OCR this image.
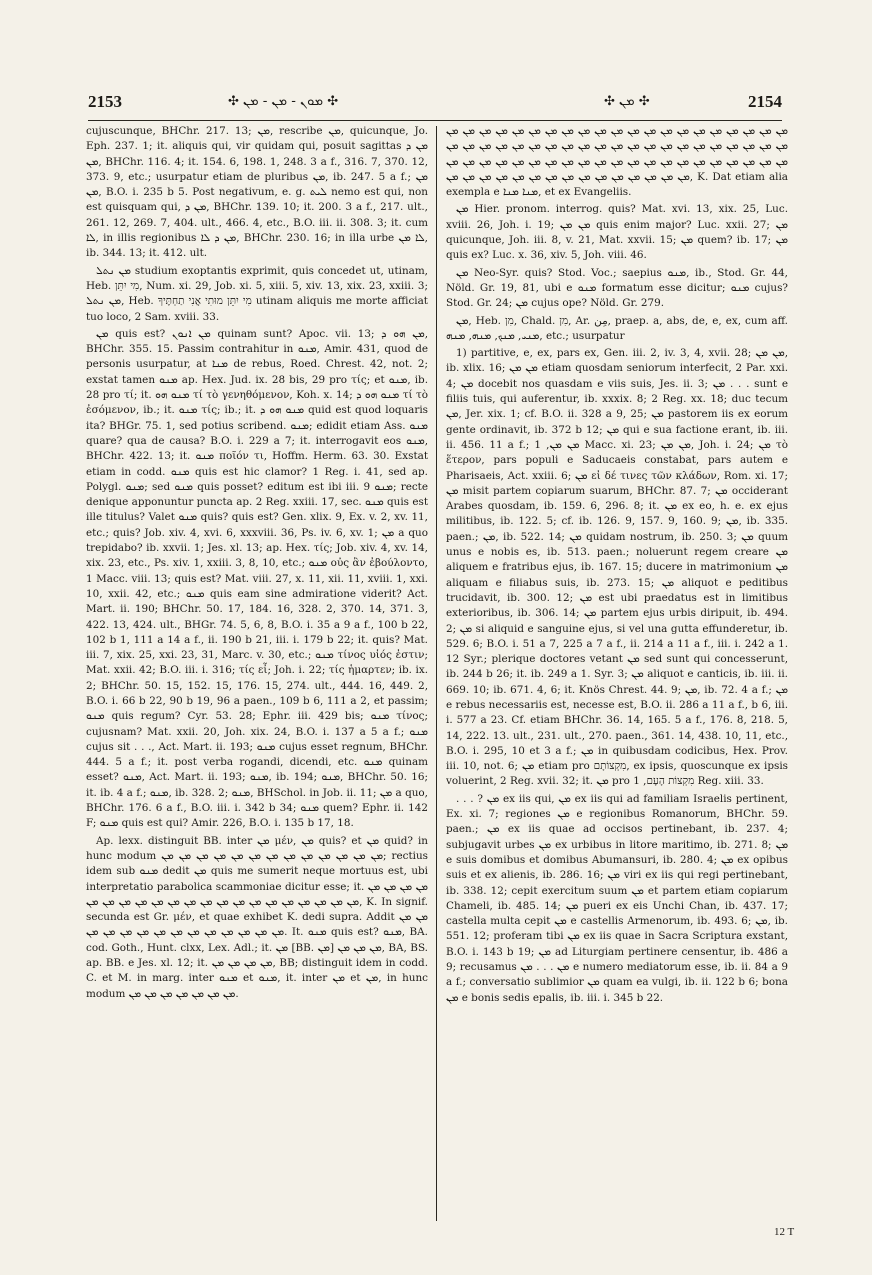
2153	✣ ܡܘܢ - ܡܢ - ܡܢ ✣	✣ ܡܢ ✣	2154

cujuscunque, BHChr. 217. 13; ܡܢ, rescribe ܡܢ, quicunque, Jo. Eph. 237. 1; it. aliquis qui, vir quidam qui, posuit sagittas ܡܢ ܕ ܡܢ, BHChr. 116. 4; it. 154. 6, 198. 1, 248. 3 a f., 316. 7, 370. 12, 373. 9, etc.; usurpatur etiam de pluribus ܡܢ, ib. 247. 5 a f.; ܡܢ ܡܢ, B.O. i. 235 b 5. Post negativum, e. g. ܠܝܬ nemo est qui, non est quisquam qui, ܡܢ ܕ, BHChr. 139. 10; it. 200. 3 a f., 217. ult., 261. 12, 269. 7, 404. ult., 466. 4, etc., B.O. iii. ii. 308. 3; it. cum ܠܐ, in illis regionibus ܡܢ ܕ ܠܐ, BHChr. 230. 16; in illa urbe ܠܐ ܡܢ, ib. 344. 13; it. 412. ult.

ܡܢ ܢܬܠ studium exoptantis exprimit, quis concedet ut, utinam, Heb. מִי יִתֵּן, Num. xi. 29, Job. xi. 5, xiii. 5, xiv. 13, xix. 23, xxiii. 3; ܡܢ ܢܬܠ, Heb. מִי יִתֵּן מוּתִי אֲנִי תַחְתֶּיךָ utinam aliquis me morte afficiat tuo loco, 2 Sam. xviii. 33.

ܡܢ quis est? ܡܢ ܐܢܘܢ quinam sunt? Apoc. vii. 13; ܡܢ ܗܘ ܕ, BHChr. 355. 15. Passim contrahitur in ܡܢܘ, Amir. 431, quod de personis usurpatur, at ܡܢܐ de rebus, Roed. Chrest. 42, not. 2; exstat tamen ܡܢܘ ap. Hex. Jud. ix. 28 bis, 29 pro τίς; et ܡܢܘ, ib. 28 pro τί; it. ܡܢܘ ܗܘ τί τὸ γενηθόμενον, Koh. x. 14; ܡܢܘ ܗܘ ܕ τί τὸ ἐσόμενον, ib.; it. ܡܢܘ τίς; ib.; it. ܡܢܘ ܗܘ ܕ quid est quod loquaris ita? BHGr. 75. 1, sed potius scribend. ܡܢܘ; edidit etiam Ass. ܡܢܘ quare? qua de causa? B.O. i. 229 a 7; it. interrogavit eos ܡܢܘ, BHChr. 422. 13; it. ܡܢܘ ποῖόν τι, Hoffm. Herm. 63. 30. Exstat etiam in codd. ܡܢܘ quis est hic clamor? 1 Reg. i. 41, sed ap. Polygl. ܡܢܘ; sed ܡܢܘ quis posset? editum est ibi iii. 9 ܡܢܘ; recte denique apponuntur puncta ap. 2 Reg. xxiii. 17, sec. ܡܢܘ quis est ille titulus? Valet ܡܢܘ quis? quis est? Gen. xlix. 9, Ex. v. 2, xv. 11, etc.; quis? Job. xiv. 4, xvi. 6, xxxviii. 36, Ps. iv. 6, xv. 1; ܡܢ a quo trepidabo? ib. xxvii. 1; Jes. xl. 13; ap. Hex. τίς; Job. xiv. 4, xv. 14, xix. 23, etc., Ps. xiv. 1, xxiii. 3, 8, 10, etc.; ܡܢܘ οὐς ἂν ἐβούλοντο, 1 Macc. viii. 13; quis est? Mat. viii. 27, x. 11, xii. 11, xviii. 1, xxi. 10, xxii. 42, etc.; ܡܢܘ quis eam sine admiratione viderit? Act. Mart. ii. 190; BHChr. 50. 17, 184. 16, 328. 2, 370. 14, 371. 3, 422. 13, 424. ult., BHGr. 74. 5, 6, 8, B.O. i. 35 a 9 a f., 100 b 22, 102 b 1, 111 a 14 a f., ii. 190 b 21, iii. i. 179 b 22; it. quis? Mat. iii. 7, xix. 25, xxi. 23, 31, Marc. v. 30, etc.; ܡܢܘ τίνος υἱός ἐστιν; Mat. xxii. 42; B.O. iii. i. 316; τίς εἶ; Joh. i. 22; τίς ἡμαρτεν; ib. ix. 2; BHChr. 50. 15, 152. 15, 176. 15, 274. ult., 444. 16, 449. 2, B.O. i. 66 b 22, 90 b 19, 96 a paen., 109 b 6, 111 a 2, et passim; ܡܢܘ quis regum? Cyr. 53. 28; Ephr. iii. 429 bis; ܡܢܘ τίνος; cujusnam? Mat. xxii. 20, Joh. xix. 24, B.O. i. 137 a 5 a f.; ܡܢܘ cujus sit . . ., Act. Mart. ii. 193; ܡܢܘ cujus esset regnum, BHChr. 444. 5 a f.; it. post verba rogandi, dicendi, etc. ܡܢܘ quinam esset? ܡܢܘ, Act. Mart. ii. 193; ܡܢܘ, ib. 194; ܡܢܘ, BHChr. 50. 16; it. ib. 4 a f.; ܡܢܘ, ib. 328. 2; ܡܢܘ, BHSchol. in Job. ii. 11; ܡܢ a quo, BHChr. 176. 6 a f., B.O. iii. i. 342 b 34; ܡܢܘ quem? Ephr. ii. 142 F; ܡܢܘ quis est qui? Amir. 226, B.O. i. 135 b 17, 18.

Ap. lexx. distinguit BB. inter ܡܢ μέν, ܡܢ quis? et ܡܢ quid? in hunc modum ܡܢ ܡܢ ܡܢ ܡܢ ܡܢ ܡܢ ܡܢ ܡܢ ܡܢ ܡܢ ܡܢ ܡܢ ܡܢ; rectius idem sub ܡܢܘ dedit ܡܢ quis me sumerit neque mortuus est, ubi interpretatio parabolica scammoniae dicitur esse; it. ܡܢ ܡܢ ܡܢ ܡܢ ܡܢ ܡܢ ܡܢ ܡܢ ܡܢ ܡܢ ܡܢ ܡܢ ܡܢ ܡܢ ܡܢ ܡܢ ܡܢ ܡܢ ܡܢ ܡܢ ܡܢ, K. In signif. secunda est Gr. μέν, et quae exhibet K. dedi supra. Addit ܡܢ ܡܢ ܡܢ ܡܢ ܡܢ ܡܢ ܡܢ ܡܢ ܡܢ ܡܢ ܡܢ ܡܢ ܡܢ ܡܢ. It. ܡܢܘ quis est? ܡܢܘ, BA. cod. Goth., Hunt. clxx, Lex. Adl.; it. ܡܢ [BB. ܡܢ] ܡܢ ܡܢ ܡܢ, BA, BS. ap. BB. e Jes. xl. 12; it. ܡܢ ܡܢ ܡܢ ܡܢ, BB; distinguit idem in codd. C. et M. in marg. inter ܡܢܘ et ܡܢܘ, it. inter ܡܢ et ܡܢ, in hunc modum ܡܢ ܡܢ ܡܢ ܡܢ ܡܢ ܡܢ ܡܢ.

ܡܢ ܡܢ ܡܢ ܡܢ ܡܢ ܡܢ ܡܢ ܡܢ ܡܢ ܡܢ ܡܢ ܡܢ ܡܢ ܡܢ ܡܢ ܡܢ ܡܢ ܡܢ ܡܢ ܡܢ ܡܢ ܡܢ ܡܢ ܡܢ ܡܢ ܡܢ ܡܢ ܡܢ ܡܢ ܡܢ ܡܢ ܡܢ ܡܢ ܡܢ ܡܢ ܡܢ ܡܢ ܡܢ ܡܢ ܡܢ ܡܢ ܡܢ ܡܢ ܡܢ ܡܢ ܡܢ ܡܢ ܡܢ ܡܢ ܡܢ ܡܢ ܡܢ ܡܢ ܡܢ ܡܢ ܡܢ ܡܢ ܡܢ ܡܢ ܡܢ ܡܢ ܡܢ ܡܢ ܡܢ ܡܢ ܡܢ ܡܢ ܡܢ ܡܢ ܡܢ ܡܢ ܡܢ ܡܢ ܡܢ ܡܢ ܡܢ ܡܢ ܡܢ, K. Dat etiam alia exempla e ܡܢܐ ܡܢܐ, et ex Evangeliis.

ܡܢ Hier. pronom. interrog. quis? Mat. xvi. 13, xix. 25, Luc. xviii. 26, Joh. i. 19; ܡܢ ܡܢ quis enim major? Luc. xxii. 27; ܡܢ quicunque, Joh. iii. 8, v. 21, Mat. xxvii. 15; ܡܢ quem? ib. 17; ܡܢ quis ex? Luc. x. 36, xiv. 5, Joh. viii. 46.

ܡܢ Neo-Syr. quis? Stod. Voc.; saepius ܡܢܘ, ib., Stod. Gr. 44, Nöld. Gr. 19, 81, ubi e ܡܢܘ formatum esse dicitur; ܡܢܘ cujus? Stod. Gr. 24; ܡܢ cujus ope? Nöld. Gr. 279.

ܡܢ, Heb. מִן, Chald. מִן, Ar. مِن, praep. a, abs, de, e, ex, cum aff. ܡܢܝ, ܡܢܟ, ܡܢܗ, ܡܢܗ, etc.; usurpatur

1) partitive, e, ex, pars ex, Gen. iii. 2, iv. 3, 4, xvii. 28; ܡܢ ܡܢ, ib. xlix. 16; ܡܢ ܡܢ etiam quosdam seniorum interfecit, 2 Par. xxi. 4; ܡܢ docebit nos quasdam e viis suis, Jes. ii. 3; ܡܢ . . . sunt e filiis tuis, qui auferentur, ib. xxxix. 8; 2 Reg. xx. 18; duc tecum ܡܢ, Jer. xix. 1; cf. B.O. ii. 328 a 9, 25; ܡܢ pastorem iis ex eorum gente ordinavit, ib. 372 b 12; ܡܢ qui e sua factione erant, ib. iii. ii. 456. 11 a f.; ܡܢ ܡܢ, 1 Macc. xi. 23; ܡܢ ܡܢ, Joh. i. 24; ܡܢ τὸ ἕτερον, pars populi e Saducaeis constabat, pars autem e Pharisaeis, Act. xxiii. 6; ܡܢ εἰ δέ τινες τῶν κλάδων, Rom. xi. 17; ܡܢ misit partem copiarum suarum, BHChr. 87. 7; ܡܢ occiderant Arabes quosdam, ib. 159. 6, 296. 8; it. ܡܢ ex eo, h. e. ex ejus militibus, ib. 122. 5; cf. ib. 126. 9, 157. 9, 160. 9; ܡܢ, ib. 335. paen.; ܡܢ, ib. 522. 14; ܡܢ quidam nostrum, ib. 250. 3; ܡܢ quum unus e nobis es, ib. 513. paen.; noluerunt regem creare ܡܢ aliquem e fratribus ejus, ib. 167. 15; ducere in matrimonium ܡܢ aliquam e filiabus suis, ib. 273. 15; ܡܢ aliquot e peditibus trucidavit, ib. 300. 12; ܡܢ est ubi praedatus est in limitibus exterioribus, ib. 306. 14; ܡܢ partem ejus urbis diripuit, ib. 494. 2; ܡܢ si aliquid e sanguine ejus, si vel una gutta effunderetur, ib. 529. 6; B.O. i. 51 a 7, 225 a 7 a f., ii. 214 a 11 a f., iii. i. 242 a 1. 12 Syr.; plerique doctores vetant ܡܢ sed sunt qui concesserunt, ib. 244 b 26; it. ib. 249 a 1. Syr. 3; ܡܢ aliquot e canticis, ib. iii. ii. 669. 10; ib. 671. 4, 6; it. Knös Chrest. 44. 9; ܡܢ, ib. 72. 4 a f.; ܡܢ e rebus necessariis est, necesse est, B.O. ii. 286 a 11 a f., b 6, iii. i. 577 a 23. Cf. etiam BHChr. 36. 14, 165. 5 a f., 176. 8, 218. 5, 14, 222. 13. ult., 231. ult., 270. paen., 361. 14, 438. 10, 11, etc., B.O. i. 295, 10 et 3 a f.; ܡܢ in quibusdam codicibus, Hex. Prov. iii. 10, not. 6; ܡܢ etiam pro מִקְצוֹתָם, ex ipsis, quoscunque ex ipsis voluerint, 2 Reg. xvii. 32; it. ܡܢ pro מִקְצוֹת הָעָם, 1 Reg. xiii. 33.

. . . ? ܡܢ ex iis qui, ܡܢ ex iis qui ad familiam Israelis pertinent, Ex. xi. 7; regiones ܡܢ e regionibus Romanorum, BHChr. 59. paen.; ܡܢ ex iis quae ad occisos pertinebant, ib. 237. 4; subjugavit urbes ܡܢ ex urbibus in litore maritimo, ib. 271. 8; ܡܢ e suis domibus et domibus Abumansuri, ib. 280. 4; ܡܢ ex opibus suis et ex alienis, ib. 286. 16; ܡܢ viri ex iis qui regi pertinebant, ib. 338. 12; cepit exercitum suum ܡܢ et partem etiam copiarum Chameli, ib. 485. 14; ܡܢ pueri ex eis Unchi Chan, ib. 437. 17; castella multa cepit ܡܢ e castellis Armenorum, ib. 493. 6; ܡܢ, ib. 551. 12; proferam tibi ܡܢ ex iis quae in Sacra Scriptura exstant, B.O. i. 143 b 19; ܡܢ ad Liturgiam pertinere censentur, ib. 486 a 9; recusamus ܡܢ . . . ܡܢ e numero mediatorum esse, ib. ii. 84 a 9 a f.; conversatio sublimior ܡܢ quam ea vulgi, ib. ii. 122 b 6; bona ܡܢ e bonis sedis epalis, ib. iii. i. 345 b 22.

12 T
